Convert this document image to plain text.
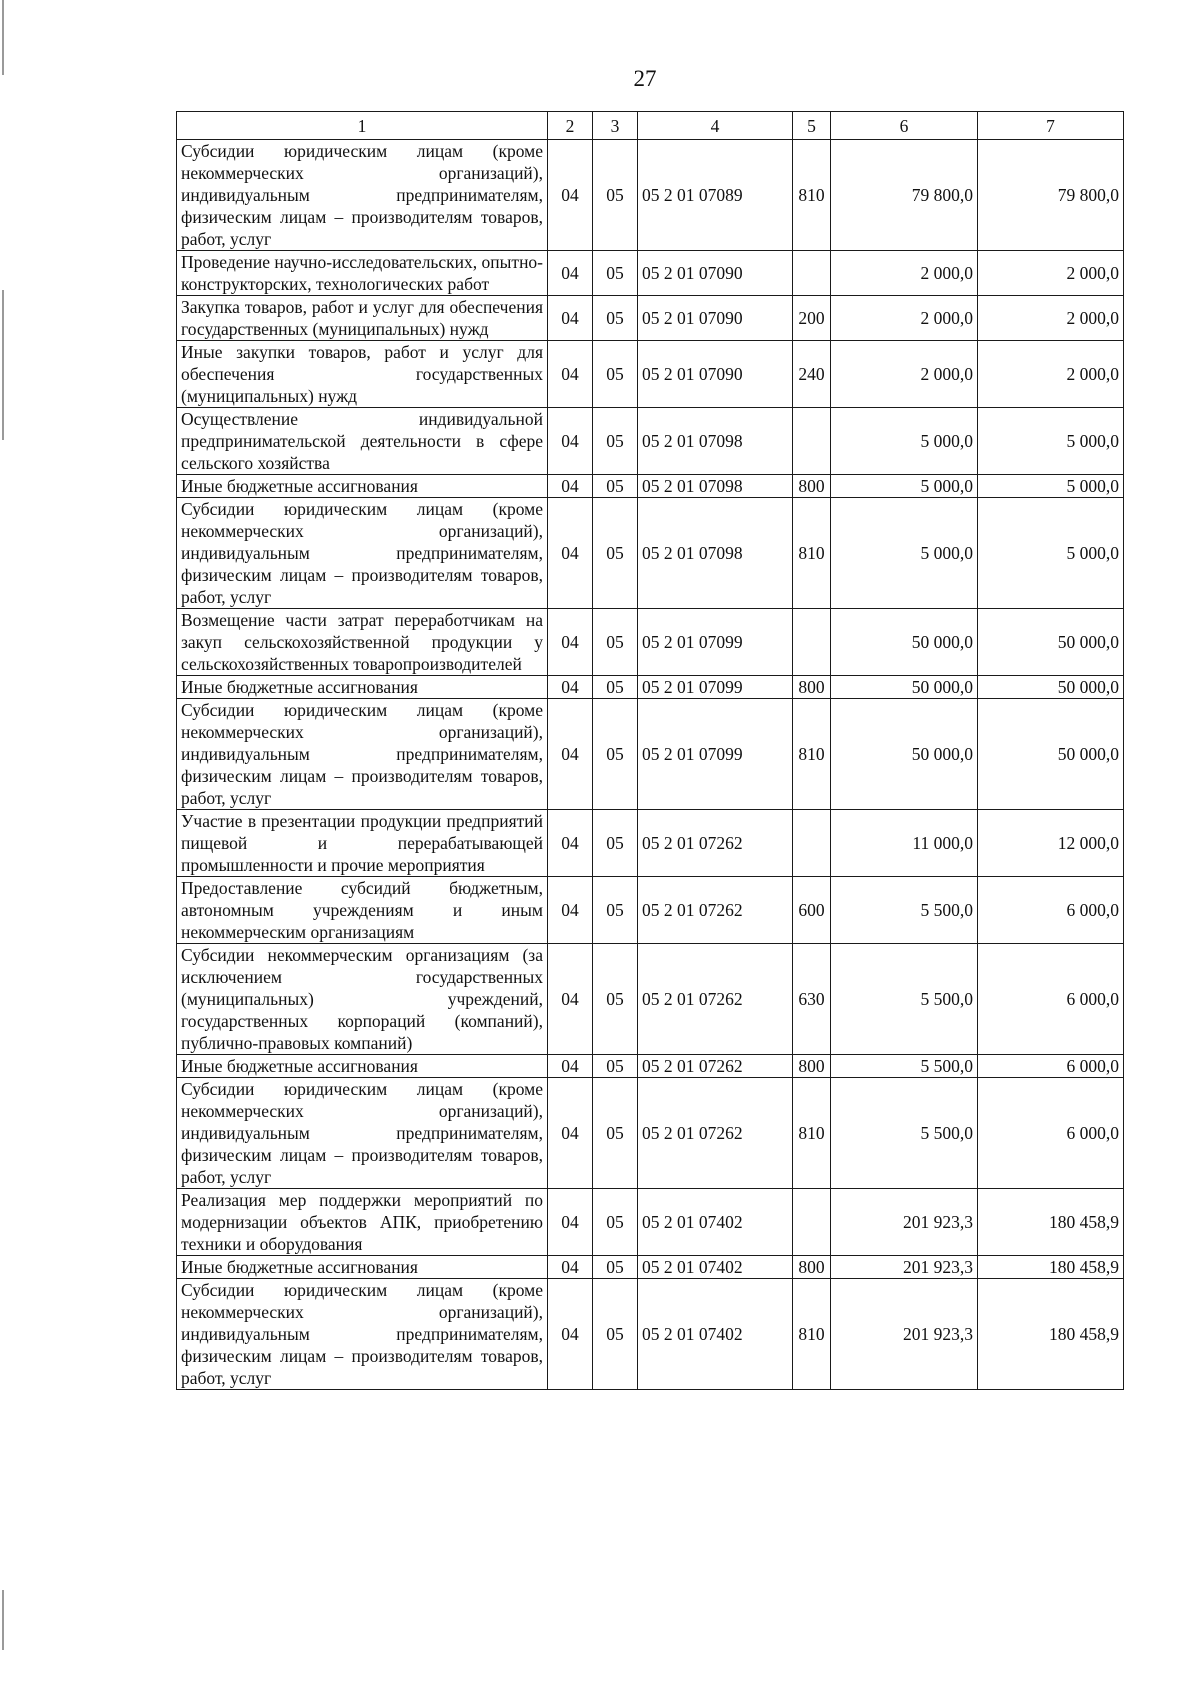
27
1	2	3	4	5	6	7
Субсидии юридическим лицам (кроме некоммерческих организаций), индивидуальным предпринимателям, физическим лицам – производителям товаров, работ, услуг	04	05	05 2 01 07089	810	79 800,0	79 800,0
Проведение научно-исследовательских, опытно-конструкторских, технологических работ	04	05	05 2 01 07090		2 000,0	2 000,0
Закупка товаров, работ и услуг для обеспечения государственных (муниципальных) нужд	04	05	05 2 01 07090	200	2 000,0	2 000,0
Иные закупки товаров, работ и услуг для обеспечения государственных (муниципальных) нужд	04	05	05 2 01 07090	240	2 000,0	2 000,0
Осуществление индивидуальной предпринимательской деятельности в сфере сельского хозяйства	04	05	05 2 01 07098		5 000,0	5 000,0
Иные бюджетные ассигнования	04	05	05 2 01 07098	800	5 000,0	5 000,0
Субсидии юридическим лицам (кроме некоммерческих организаций), индивидуальным предпринимателям, физическим лицам – производителям товаров, работ, услуг	04	05	05 2 01 07098	810	5 000,0	5 000,0
Возмещение части затрат переработчикам на закуп сельскохозяйственной продукции у сельскохозяйственных товаропроизводителей	04	05	05 2 01 07099		50 000,0	50 000,0
Иные бюджетные ассигнования	04	05	05 2 01 07099	800	50 000,0	50 000,0
Субсидии юридическим лицам (кроме некоммерческих организаций), индивидуальным предпринимателям, физическим лицам – производителям товаров, работ, услуг	04	05	05 2 01 07099	810	50 000,0	50 000,0
Участие в презентации продукции предприятий пищевой и перерабатывающей промышленности и прочие мероприятия	04	05	05 2 01 07262		11 000,0	12 000,0
Предоставление субсидий бюджетным, автономным учреждениям и иным некоммерческим организациям	04	05	05 2 01 07262	600	5 500,0	6 000,0
Субсидии некоммерческим организациям (за исключением государственных (муниципальных) учреждений, государственных корпораций (компаний), публично-правовых компаний)	04	05	05 2 01 07262	630	5 500,0	6 000,0
Иные бюджетные ассигнования	04	05	05 2 01 07262	800	5 500,0	6 000,0
Субсидии юридическим лицам (кроме некоммерческих организаций), индивидуальным предпринимателям, физическим лицам – производителям товаров, работ, услуг	04	05	05 2 01 07262	810	5 500,0	6 000,0
Реализация мер поддержки мероприятий по модернизации объектов АПК, приобретению техники и оборудования	04	05	05 2 01 07402		201 923,3	180 458,9
Иные бюджетные ассигнования	04	05	05 2 01 07402	800	201 923,3	180 458,9
Субсидии юридическим лицам (кроме некоммерческих организаций), индивидуальным предпринимателям, физическим лицам – производителям товаров, работ, услуг	04	05	05 2 01 07402	810	201 923,3	180 458,9
